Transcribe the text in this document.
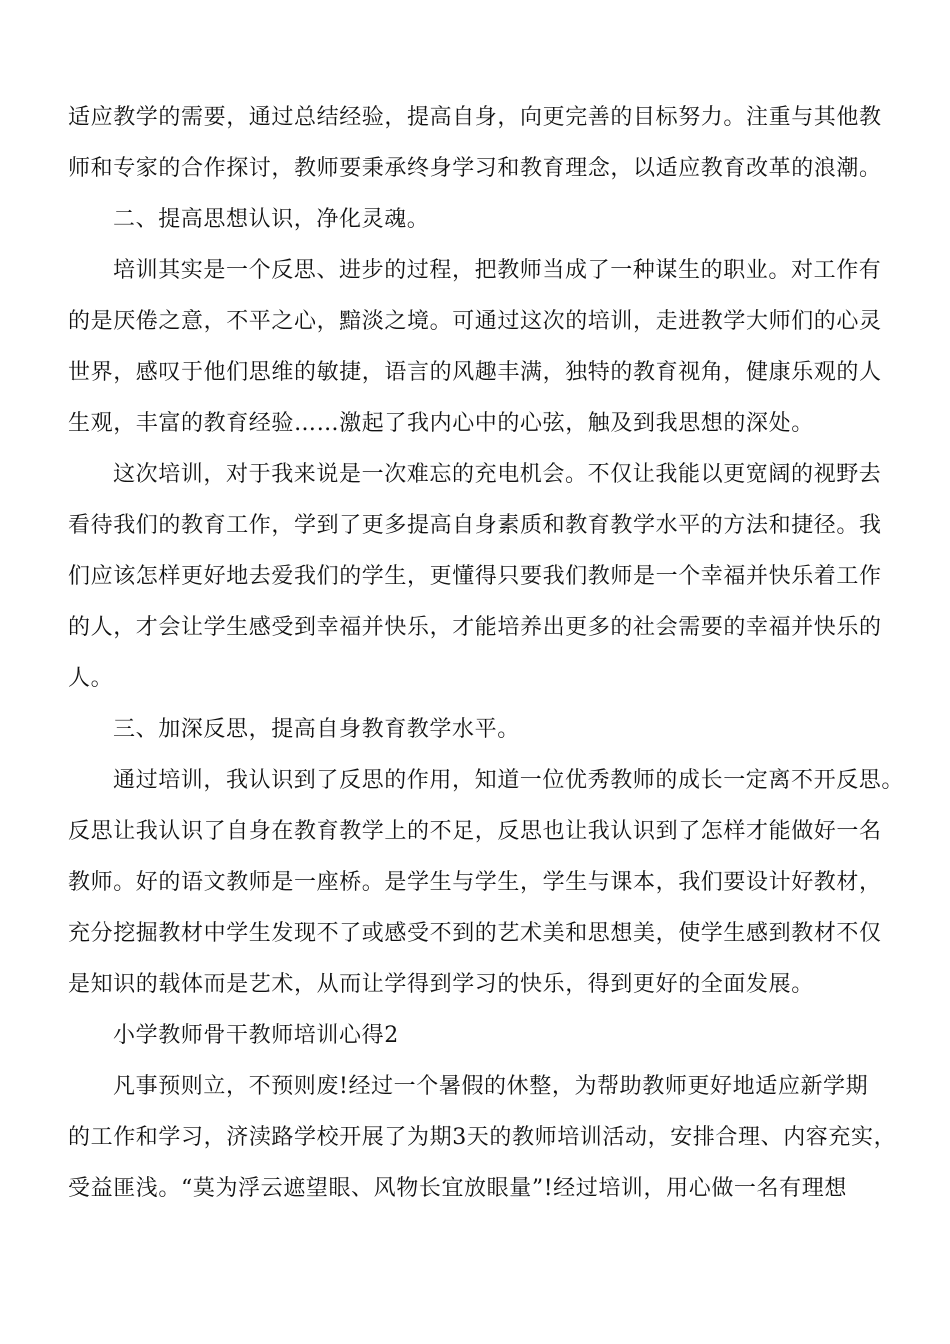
适应教学的需要，通过总结经验，提高自身，向更完善的目标努力。注重与其他教
师和专家的合作探讨，教师要秉承终身学习和教育理念，以适应教育改革的浪潮。
二、提高思想认识，净化灵魂。
培训其实是一个反思、进步的过程，把教师当成了一种谋生的职业。对工作有
的是厌倦之意，不平之心，黯淡之境。可通过这次的培训，走进教学大师们的心灵
世界，感叹于他们思维的敏捷，语言的风趣丰满，独特的教育视角，健康乐观的人
生观，丰富的教育经验……激起了我内心中的心弦，触及到我思想的深处。
这次培训，对于我来说是一次难忘的充电机会。不仅让我能以更宽阔的视野去
看待我们的教育工作，学到了更多提高自身素质和教育教学水平的方法和捷径。我
们应该怎样更好地去爱我们的学生，更懂得只要我们教师是一个幸福并快乐着工作
的人，才会让学生感受到幸福并快乐，才能培养出更多的社会需要的幸福并快乐的
人。
三、加深反思，提高自身教育教学水平。
通过培训，我认识到了反思的作用，知道一位优秀教师的成长一定离不开反思。
反思让我认识了自身在教育教学上的不足，反思也让我认识到了怎样才能做好一名
教师。好的语文教师是一座桥。是学生与学生，学生与课本，我们要设计好教材，
充分挖掘教材中学生发现不了或感受不到的艺术美和思想美，使学生感到教材不仅
是知识的载体而是艺术，从而让学得到学习的快乐，得到更好的全面发展。
小学教师骨干教师培训心得2
凡事预则立，不预则废!经过一个暑假的休整，为帮助教师更好地适应新学期
的工作和学习，济渎路学校开展了为期3天的教师培训活动，安排合理、内容充实，
受益匪浅。“莫为浮云遮望眼、风物长宜放眼量”!经过培训，用心做一名有理想
